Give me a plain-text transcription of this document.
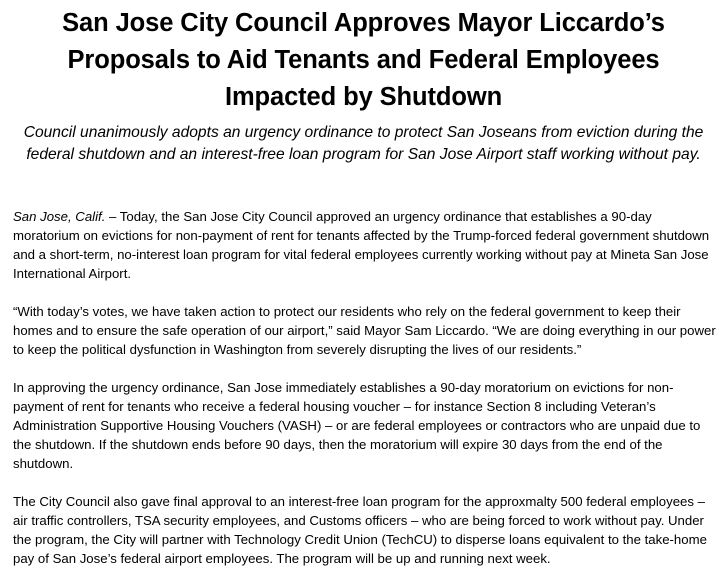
San Jose City Council Approves Mayor Liccardo’s Proposals to Aid Tenants and Federal Employees Impacted by Shutdown

Council unanimously adopts an urgency ordinance to protect San Joseans from eviction during the federal shutdown and an interest-free loan program for San Jose Airport staff working without pay.

San Jose, Calif. – Today, the San Jose City Council approved an urgency ordinance that establishes a 90-day moratorium on evictions for non-payment of rent for tenants affected by the Trump-forced federal government shutdown and a short-term, no-interest loan program for vital federal employees currently working without pay at Mineta San Jose International Airport.

“With today’s votes, we have taken action to protect our residents who rely on the federal government to keep their homes and to ensure the safe operation of our airport,” said Mayor Sam Liccardo. “We are doing everything in our power to keep the political dysfunction in Washington from severely disrupting the lives of our residents.”

In approving the urgency ordinance, San Jose immediately establishes a 90-day moratorium on evictions for non-payment of rent for tenants who receive a federal housing voucher – for instance Section 8 including Veteran’s Administration Supportive Housing Vouchers (VASH) – or are federal employees or contractors who are unpaid due to the shutdown. If the shutdown ends before 90 days, then the moratorium will expire 30 days from the end of the shutdown.

The City Council also gave final approval to an interest-free loan program for the approxmalty 500 federal employees – air traffic controllers, TSA security employees, and Customs officers – who are being forced to work without pay. Under the program, the City will partner with Technology Credit Union (TechCU) to disperse loans equivalent to the take-home pay of San Jose’s federal airport employees. The program will be up and running next week.
